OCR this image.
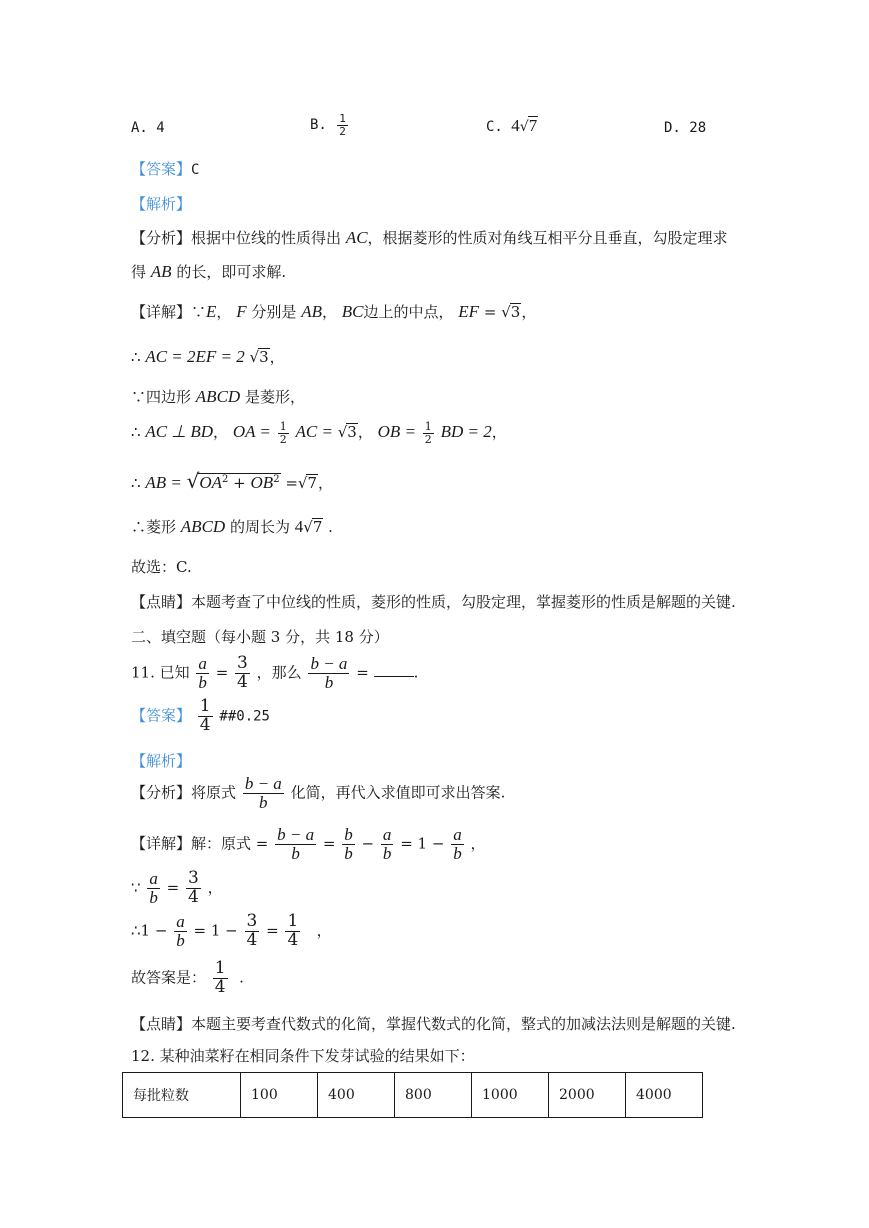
A. 4	B. $\frac{1}{2}$	C. 4√7	D. 28
【答案】C
【解析】
【分析】根据中位线的性质得出 AC，根据菱形的性质对角线互相平分且垂直，勾股定理求
得 AB 的长，即可求解.
【详解】∵E， F 分别是 AB， BC边上的中点， EF = √3，
∴ AC = 2EF = 2 √3，
∵四边形 ABCD 是菱形，
∴ AC ⊥ BD， OA = $\frac{1}{2}$ AC = √3， OB = $\frac{1}{2}$ BD = 2，
∴ AB = $√OA^2 + OB^2 =√7$，
∴菱形 ABCD 的周长为 4√7 .
故选：C.
【点睛】本题考查了中位线的性质，菱形的性质，勾股定理，掌握菱形的性质是解题的关键.
二、填空题（每小题 3 分，共 18 分）
11. 已知 $\frac{a}{b} = \frac{3}{4}$ ，那么 $\frac{b - a}{b}$ =	.
【答案】 $\frac{1}{4}$ ##0.25
【解析】
【分析】将原式 $\frac{b - a}{b}$ 化简，再代入求值即可求出答案.
【详解】解：原式 = $\frac{b - a}{b} = \frac{b}{b} - \frac{a}{b} = 1 - \frac{a}{b}$ ，
∵ $\frac{a}{b} = \frac{3}{4}$ ，
∴1 − $\frac{a}{b} = 1 - \frac{3}{4} = \frac{1}{4}$ ，
故答案是： $\frac{1}{4}$ .
【点睛】本题主要考查代数式的化简，掌握代数式的化简，整式的加减法法则是解题的关键.
12. 某种油菜籽在相同条件下发芽试验的结果如下：
每批粒数	100	400	800	1000	2000	4000
